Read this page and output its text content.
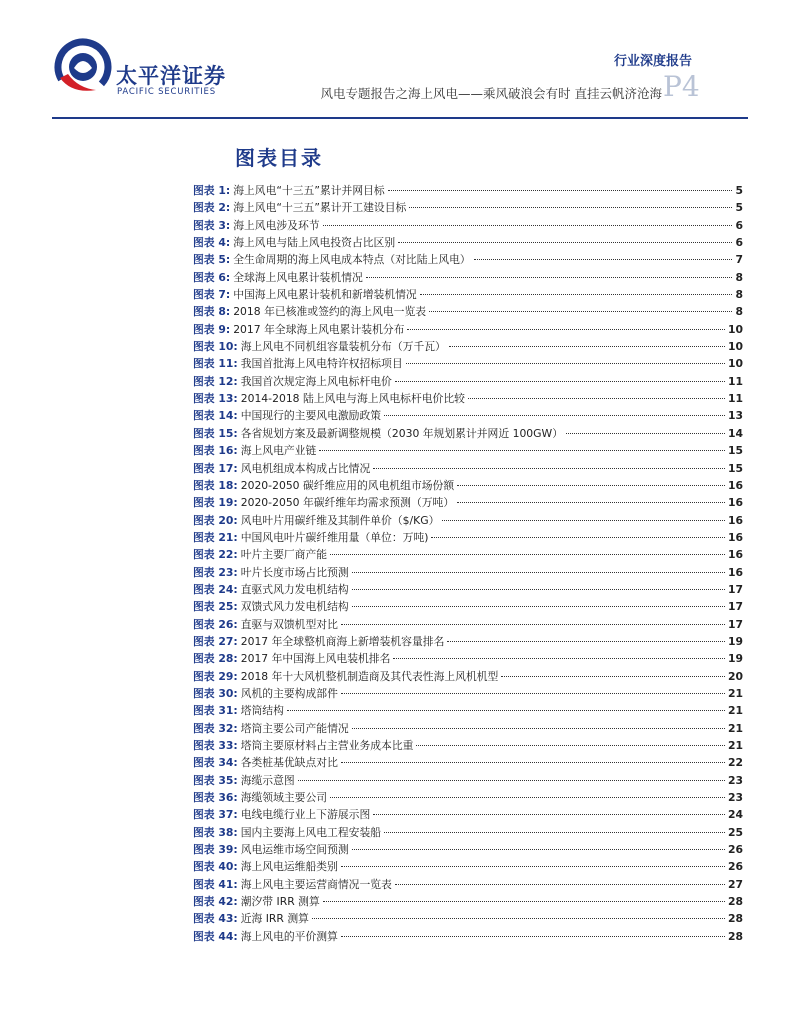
太平洋证券
PACIFIC SECURITIES
行业深度报告
风电专题报告之海上风电——乘风破浪会有时 直挂云帆济沧海 P4
图表目录
图表 1: 海上风电“十三五”累计并网目标	5
图表 2: 海上风电“十三五”累计开工建设目标	5
图表 3: 海上风电涉及环节	6
图表 4: 海上风电与陆上风电投资占比区别	6
图表 5: 全生命周期的海上风电成本特点（对比陆上风电）	7
图表 6: 全球海上风电累计装机情况	8
图表 7: 中国海上风电累计装机和新增装机情况	8
图表 8: 2018 年已核准或签约的海上风电一览表	8
图表 9: 2017 年全球海上风电累计装机分布	10
图表 10: 海上风电不同机组容量装机分布（万千瓦）	10
图表 11: 我国首批海上风电特许权招标项目	10
图表 12: 我国首次规定海上风电标杆电价	11
图表 13: 2014-2018 陆上风电与海上风电标杆电价比较	11
图表 14: 中国现行的主要风电激励政策	13
图表 15: 各省规划方案及最新调整规模（2030 年规划累计并网近 100GW）	14
图表 16: 海上风电产业链	15
图表 17: 风电机组成本构成占比情况	15
图表 18: 2020-2050 碳纤维应用的风电机组市场份额	16
图表 19: 2020-2050 年碳纤维年均需求预测（万吨）	16
图表 20: 风电叶片用碳纤维及其制件单价（$/KG）	16
图表 21: 中国风电叶片碳纤维用量（单位：万吨)	16
图表 22: 叶片主要厂商产能	16
图表 23: 叶片长度市场占比预测	16
图表 24: 直驱式风力发电机结构	17
图表 25: 双馈式风力发电机结构	17
图表 26: 直驱与双馈机型对比	17
图表 27: 2017 年全球整机商海上新增装机容量排名	19
图表 28: 2017 年中国海上风电装机排名	19
图表 29: 2018 年十大风机整机制造商及其代表性海上风机机型	20
图表 30: 风机的主要构成部件	21
图表 31: 塔筒结构	21
图表 32: 塔筒主要公司产能情况	21
图表 33: 塔筒主要原材料占主营业务成本比重	21
图表 34: 各类桩基优缺点对比	22
图表 35: 海缆示意图	23
图表 36: 海缆领域主要公司	23
图表 37: 电线电缆行业上下游展示图	24
图表 38: 国内主要海上风电工程安装船	25
图表 39: 风电运维市场空间预测	26
图表 40: 海上风电运维船类别	26
图表 41: 海上风电主要运营商情况一览表	27
图表 42: 潮汐带 IRR 测算	28
图表 43: 近海 IRR 测算	28
图表 44: 海上风电的平价测算	28
